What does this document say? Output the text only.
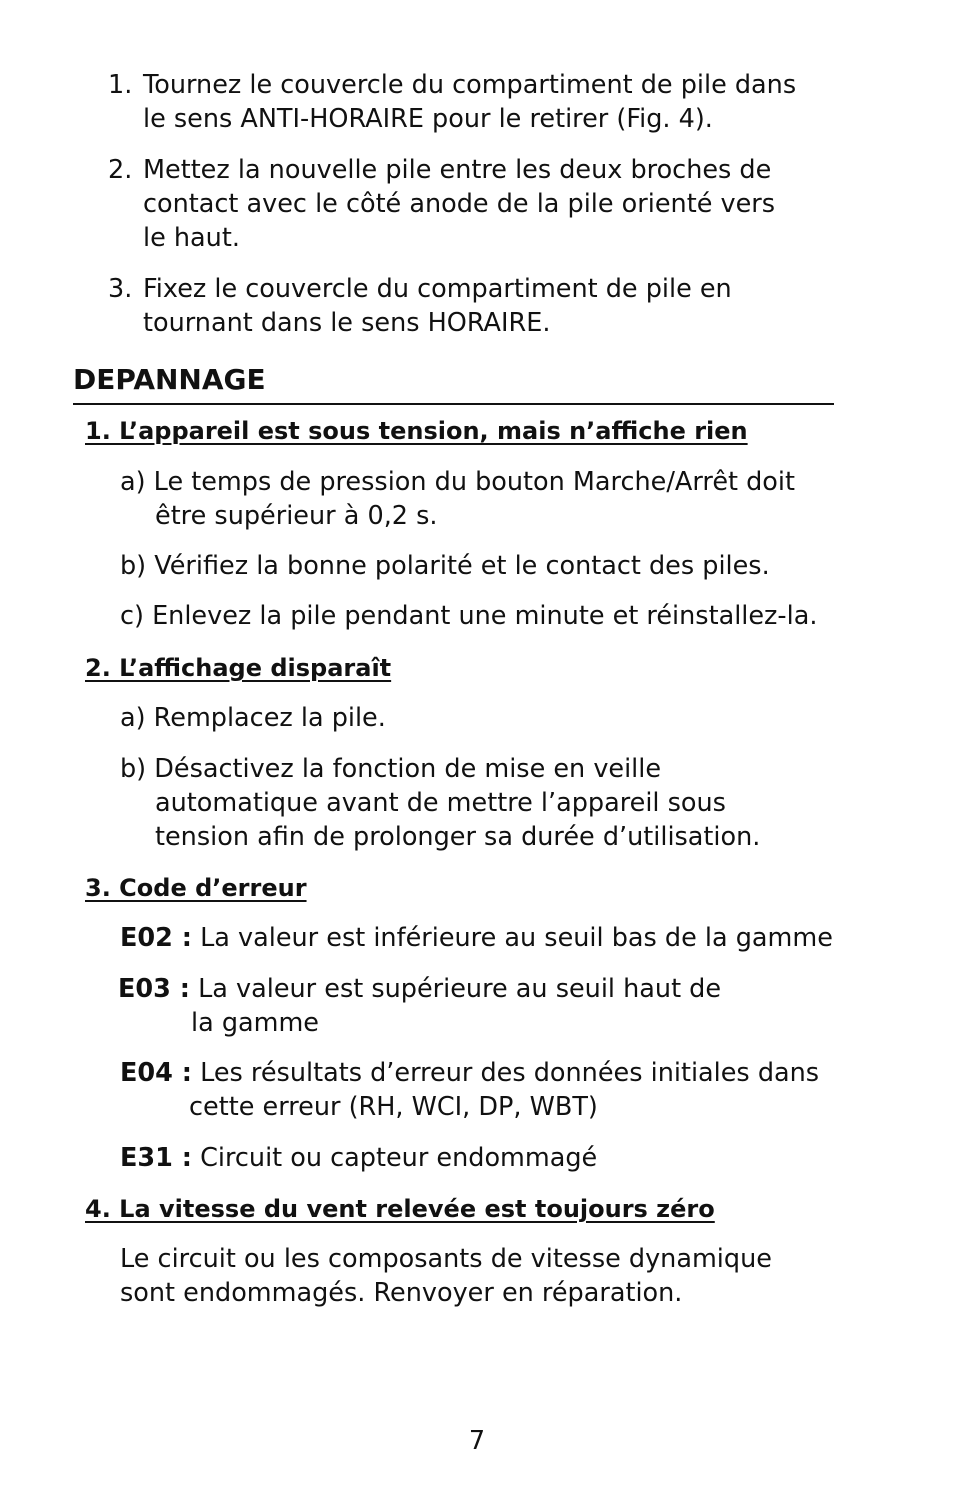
1. Tournez le couvercle du compartiment de pile dans

le sens ANTI-HORAIRE pour le retirer (Fig. 4).

2. Mettez la nouvelle pile entre les deux broches de

contact avec le côté anode de la pile orienté vers

le haut.

3. Fixez le couvercle du compartiment de pile en

tournant dans le sens HORAIRE.

DEPANNAGE

1. L’appareil est sous tension, mais n’affiche rien

a) Le temps de pression du bouton Marche/Arrêt doit

être supérieur à 0,2 s.

b) Vérifiez la bonne polarité et le contact des piles.

c) Enlevez la pile pendant une minute et réinstallez-la.

2. L’affichage disparaît

a) Remplacez la pile.

b) Désactivez la fonction de mise en veille

automatique avant de mettre l’appareil sous

tension afin de prolonger sa durée d’utilisation.

3. Code d’erreur

E02 : La valeur est inférieure au seuil bas de la gamme

E03 : La valeur est supérieure au seuil haut de

la gamme

E04 : Les résultats d’erreur des données initiales dans

cette erreur (RH, WCI, DP, WBT)

E31 : Circuit ou capteur endommagé

4. La vitesse du vent relevée est toujours zéro

Le circuit ou les composants de vitesse dynamique

sont endommagés. Renvoyer en réparation.

7
